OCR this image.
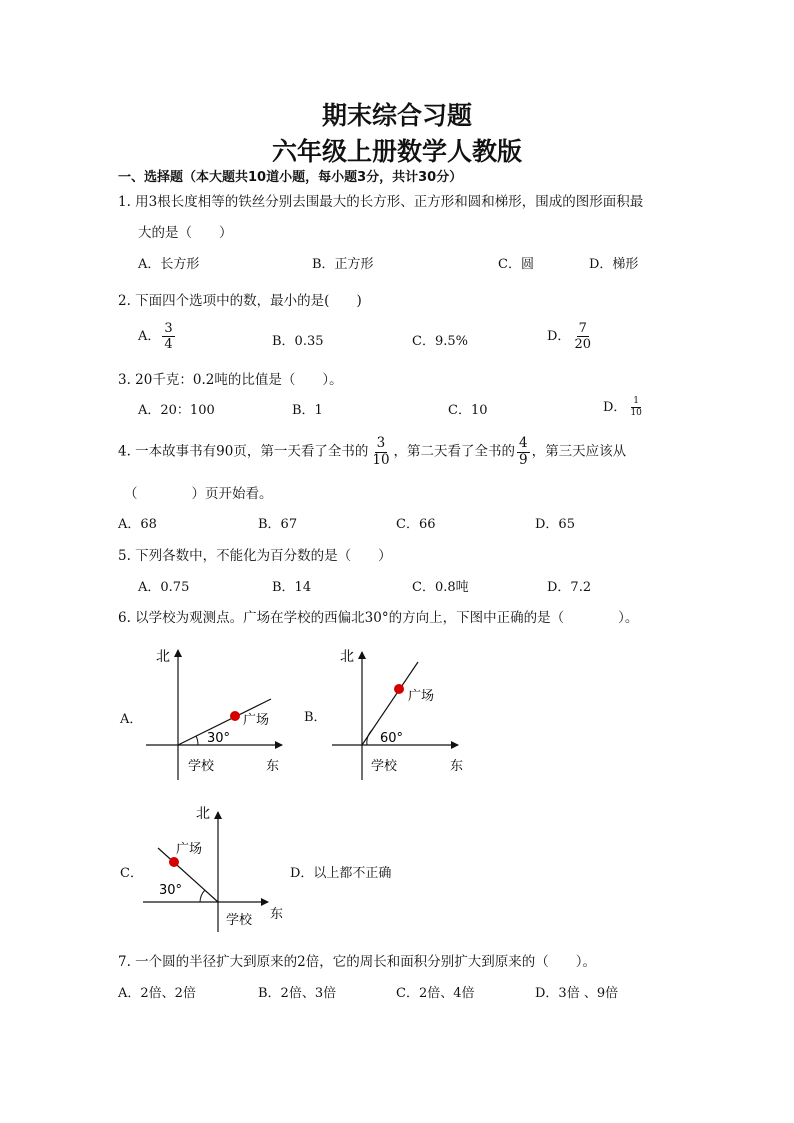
期末综合习题
六年级上册数学人教版
一、选择题（本大题共10道小题，每小题3分，共计30分）
1. 用3根长度相等的铁丝分别去围最大的长方形、正方形和圆和梯形，围成的图形面积最
大的是（　　）
A．长方形	B．正方形	C．圆	D．梯形
2. 下面四个选项中的数，最小的是(　　)
A． $\frac{3}{4}$	B．0.35	C．9.5%	D． $\frac{7}{20}$
3. 20千克：0.2吨的比值是（　　）。
A．20：100	B．1	C．10	D． $\frac{1}{10}$
4. 一本故事书有90页，第一天看了全书的 $\frac{3}{10}$ ，第二天看了全书的 $\frac{4}{9}$ ，第三天应该从
（　　　　）页开始看。
A．68	B．67	C．66	D．65
5. 下列各数中，不能化为百分数的是（　　）
A．0.75	B．14	C．0.8吨	D．7.2
6. 以学校为观测点。广场在学校的西偏北30°的方向上，下图中正确的是（　　　　）。
A．	B．
C．	D．以上都不正确
北
广场
30°
学校	东
北
广场
60°
学校	东
北
广场
30°
学校 东
7. 一个圆的半径扩大到原来的2倍，它的周长和面积分别扩大到原来的（　　）。
A．2倍、2倍	B．2倍、3倍	C．2倍、4倍	D．3倍 、9倍
